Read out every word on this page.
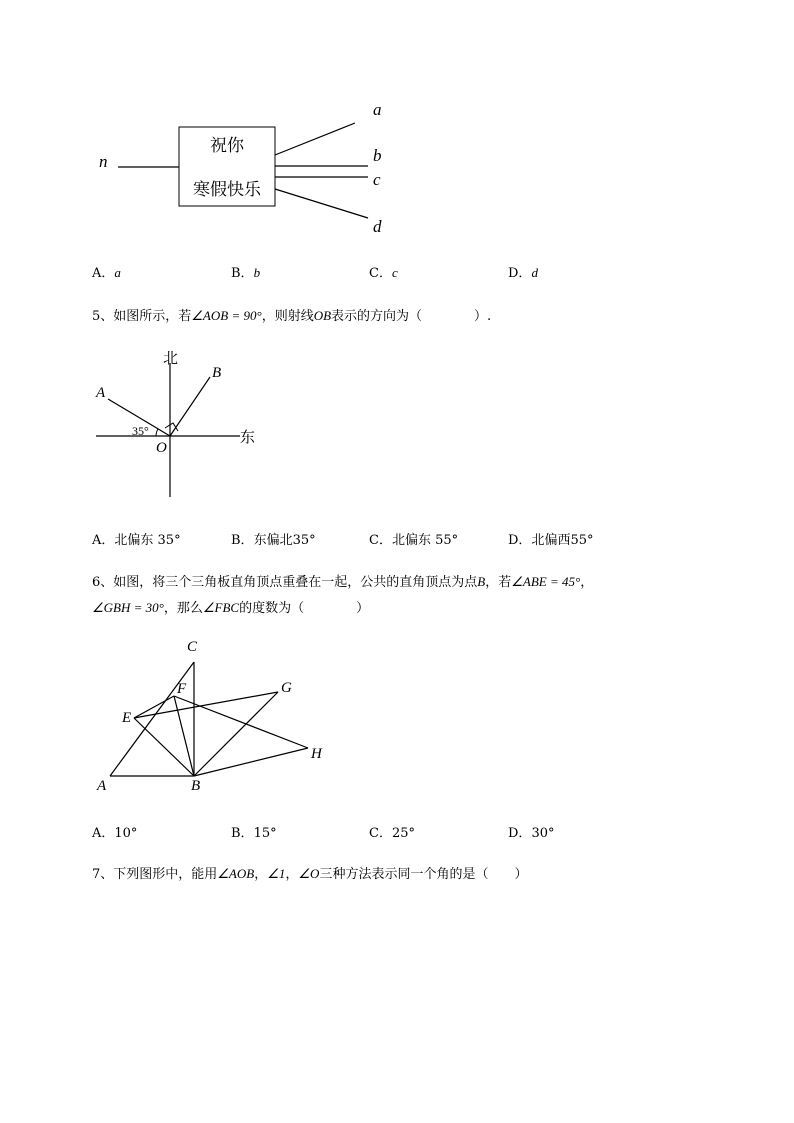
祝你
寒假快乐
n
a
b
c
d
A．a	B．b	C．c	D．d
5、如图所示，若∠AOB = 90°，则射线OB表示的方向为（　　　　）.
北
东
A
B
O
35°
A．北偏东 35°	B．东偏北35°	C．北偏东 55°	D．北偏西55°
6、如图，将三个三角板直角顶点重叠在一起，公共的直角顶点为点B，若∠ABE = 45°，
∠GBH = 30°，那么∠FBC的度数为（　　　　）
C
F	G
E
H
A	B
A．10°	B．15°	C．25°	D．30°
7、下列图形中，能用∠AOB，∠1，∠O三种方法表示同一个角的是（　　）
